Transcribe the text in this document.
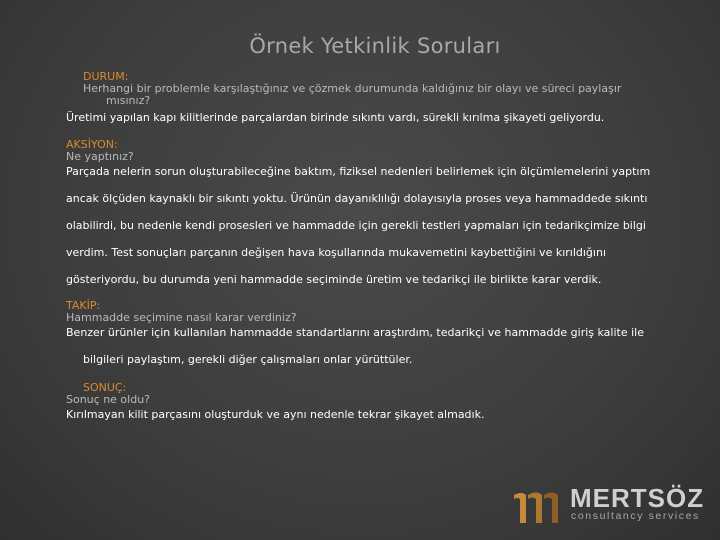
Örnek Yetkinlik Soruları
DURUM:
Herhangi bir problemle karşılaştığınız ve çözmek durumunda kaldığınız bir olayı ve süreci paylaşır
mısınız?
Üretimi yapılan kapı kilitlerinde parçalardan birinde sıkıntı vardı, sürekli kırılma şikayeti geliyordu.
AKSİYON:
Ne yaptınız?
Parçada nelerin sorun oluşturabileceğine baktım, fiziksel nedenleri belirlemek için ölçümlemelerini yaptım
ancak ölçüden kaynaklı bir sıkıntı yoktu. Ürünün dayanıklılığı dolayısıyla proses veya hammaddede sıkıntı
olabilirdi, bu nedenle kendi prosesleri ve hammadde için gerekli testleri yapmaları için tedarikçimize bilgi
verdim. Test sonuçları parçanın değişen hava koşullarında mukavemetini kaybettiğini ve kırıldığını
gösteriyordu, bu durumda yeni hammadde seçiminde üretim ve tedarikçi ile birlikte karar verdik.
TAKİP:
Hammadde seçimine nasıl karar verdiniz?
Benzer ürünler için kullanılan hammadde standartlarını araştırdım, tedarikçi ve hammadde giriş kalite ile
bilgileri paylaştım, gerekli diğer çalışmaları onlar yürüttüler.
SONUÇ:
Sonuç ne oldu?
Kırılmayan kilit parçasını oluşturduk ve aynı nedenle tekrar şikayet almadık.
MERTSÖZ
consultancy services
